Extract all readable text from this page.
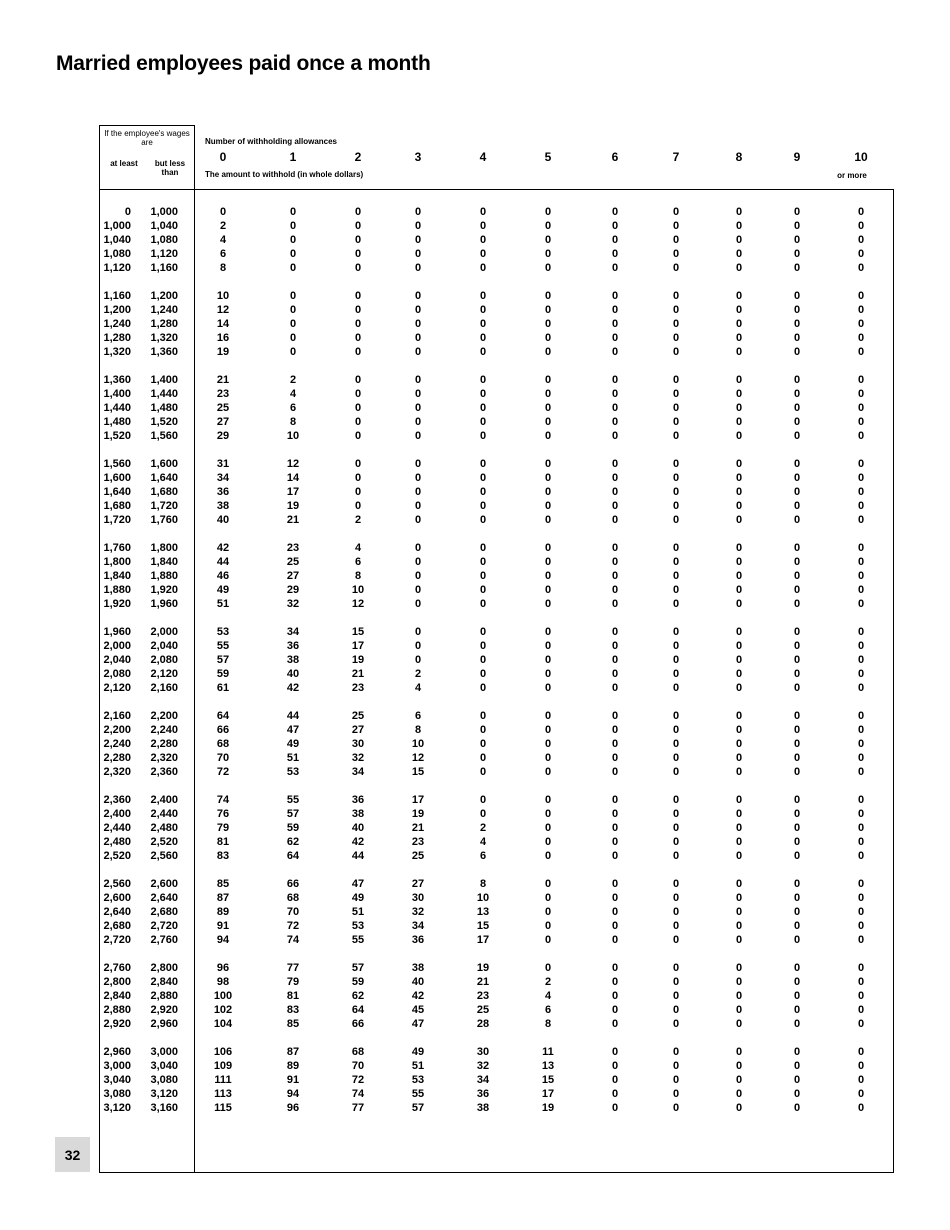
Married employees paid once a month
If the employee's wages are
at least	but less than
Number of withholding allowances
The amount to withhold (in whole dollars)
0	1	2	3	4	5	6	7	8	9	10
or more
0	1,000	0	0	0	0	0	0	0	0	0	0	0
1,000	1,040	2	0	0	0	0	0	0	0	0	0	0
1,040	1,080	4	0	0	0	0	0	0	0	0	0	0
1,080	1,120	6	0	0	0	0	0	0	0	0	0	0
1,120	1,160	8	0	0	0	0	0	0	0	0	0	0
1,160	1,200	10	0	0	0	0	0	0	0	0	0	0
1,200	1,240	12	0	0	0	0	0	0	0	0	0	0
1,240	1,280	14	0	0	0	0	0	0	0	0	0	0
1,280	1,320	16	0	0	0	0	0	0	0	0	0	0
1,320	1,360	19	0	0	0	0	0	0	0	0	0	0
1,360	1,400	21	2	0	0	0	0	0	0	0	0	0
1,400	1,440	23	4	0	0	0	0	0	0	0	0	0
1,440	1,480	25	6	0	0	0	0	0	0	0	0	0
1,480	1,520	27	8	0	0	0	0	0	0	0	0	0
1,520	1,560	29	10	0	0	0	0	0	0	0	0	0
1,560	1,600	31	12	0	0	0	0	0	0	0	0	0
1,600	1,640	34	14	0	0	0	0	0	0	0	0	0
1,640	1,680	36	17	0	0	0	0	0	0	0	0	0
1,680	1,720	38	19	0	0	0	0	0	0	0	0	0
1,720	1,760	40	21	2	0	0	0	0	0	0	0	0
1,760	1,800	42	23	4	0	0	0	0	0	0	0	0
1,800	1,840	44	25	6	0	0	0	0	0	0	0	0
1,840	1,880	46	27	8	0	0	0	0	0	0	0	0
1,880	1,920	49	29	10	0	0	0	0	0	0	0	0
1,920	1,960	51	32	12	0	0	0	0	0	0	0	0
1,960	2,000	53	34	15	0	0	0	0	0	0	0	0
2,000	2,040	55	36	17	0	0	0	0	0	0	0	0
2,040	2,080	57	38	19	0	0	0	0	0	0	0	0
2,080	2,120	59	40	21	2	0	0	0	0	0	0	0
2,120	2,160	61	42	23	4	0	0	0	0	0	0	0
2,160	2,200	64	44	25	6	0	0	0	0	0	0	0
2,200	2,240	66	47	27	8	0	0	0	0	0	0	0
2,240	2,280	68	49	30	10	0	0	0	0	0	0	0
2,280	2,320	70	51	32	12	0	0	0	0	0	0	0
2,320	2,360	72	53	34	15	0	0	0	0	0	0	0
2,360	2,400	74	55	36	17	0	0	0	0	0	0	0
2,400	2,440	76	57	38	19	0	0	0	0	0	0	0
2,440	2,480	79	59	40	21	2	0	0	0	0	0	0
2,480	2,520	81	62	42	23	4	0	0	0	0	0	0
2,520	2,560	83	64	44	25	6	0	0	0	0	0	0
2,560	2,600	85	66	47	27	8	0	0	0	0	0	0
2,600	2,640	87	68	49	30	10	0	0	0	0	0	0
2,640	2,680	89	70	51	32	13	0	0	0	0	0	0
2,680	2,720	91	72	53	34	15	0	0	0	0	0	0
2,720	2,760	94	74	55	36	17	0	0	0	0	0	0
2,760	2,800	96	77	57	38	19	0	0	0	0	0	0
2,800	2,840	98	79	59	40	21	2	0	0	0	0	0
2,840	2,880	100	81	62	42	23	4	0	0	0	0	0
2,880	2,920	102	83	64	45	25	6	0	0	0	0	0
2,920	2,960	104	85	66	47	28	8	0	0	0	0	0
2,960	3,000	106	87	68	49	30	11	0	0	0	0	0
3,000	3,040	109	89	70	51	32	13	0	0	0	0	0
3,040	3,080	111	91	72	53	34	15	0	0	0	0	0
3,080	3,120	113	94	74	55	36	17	0	0	0	0	0
3,120	3,160	115	96	77	57	38	19	0	0	0	0	0
32
